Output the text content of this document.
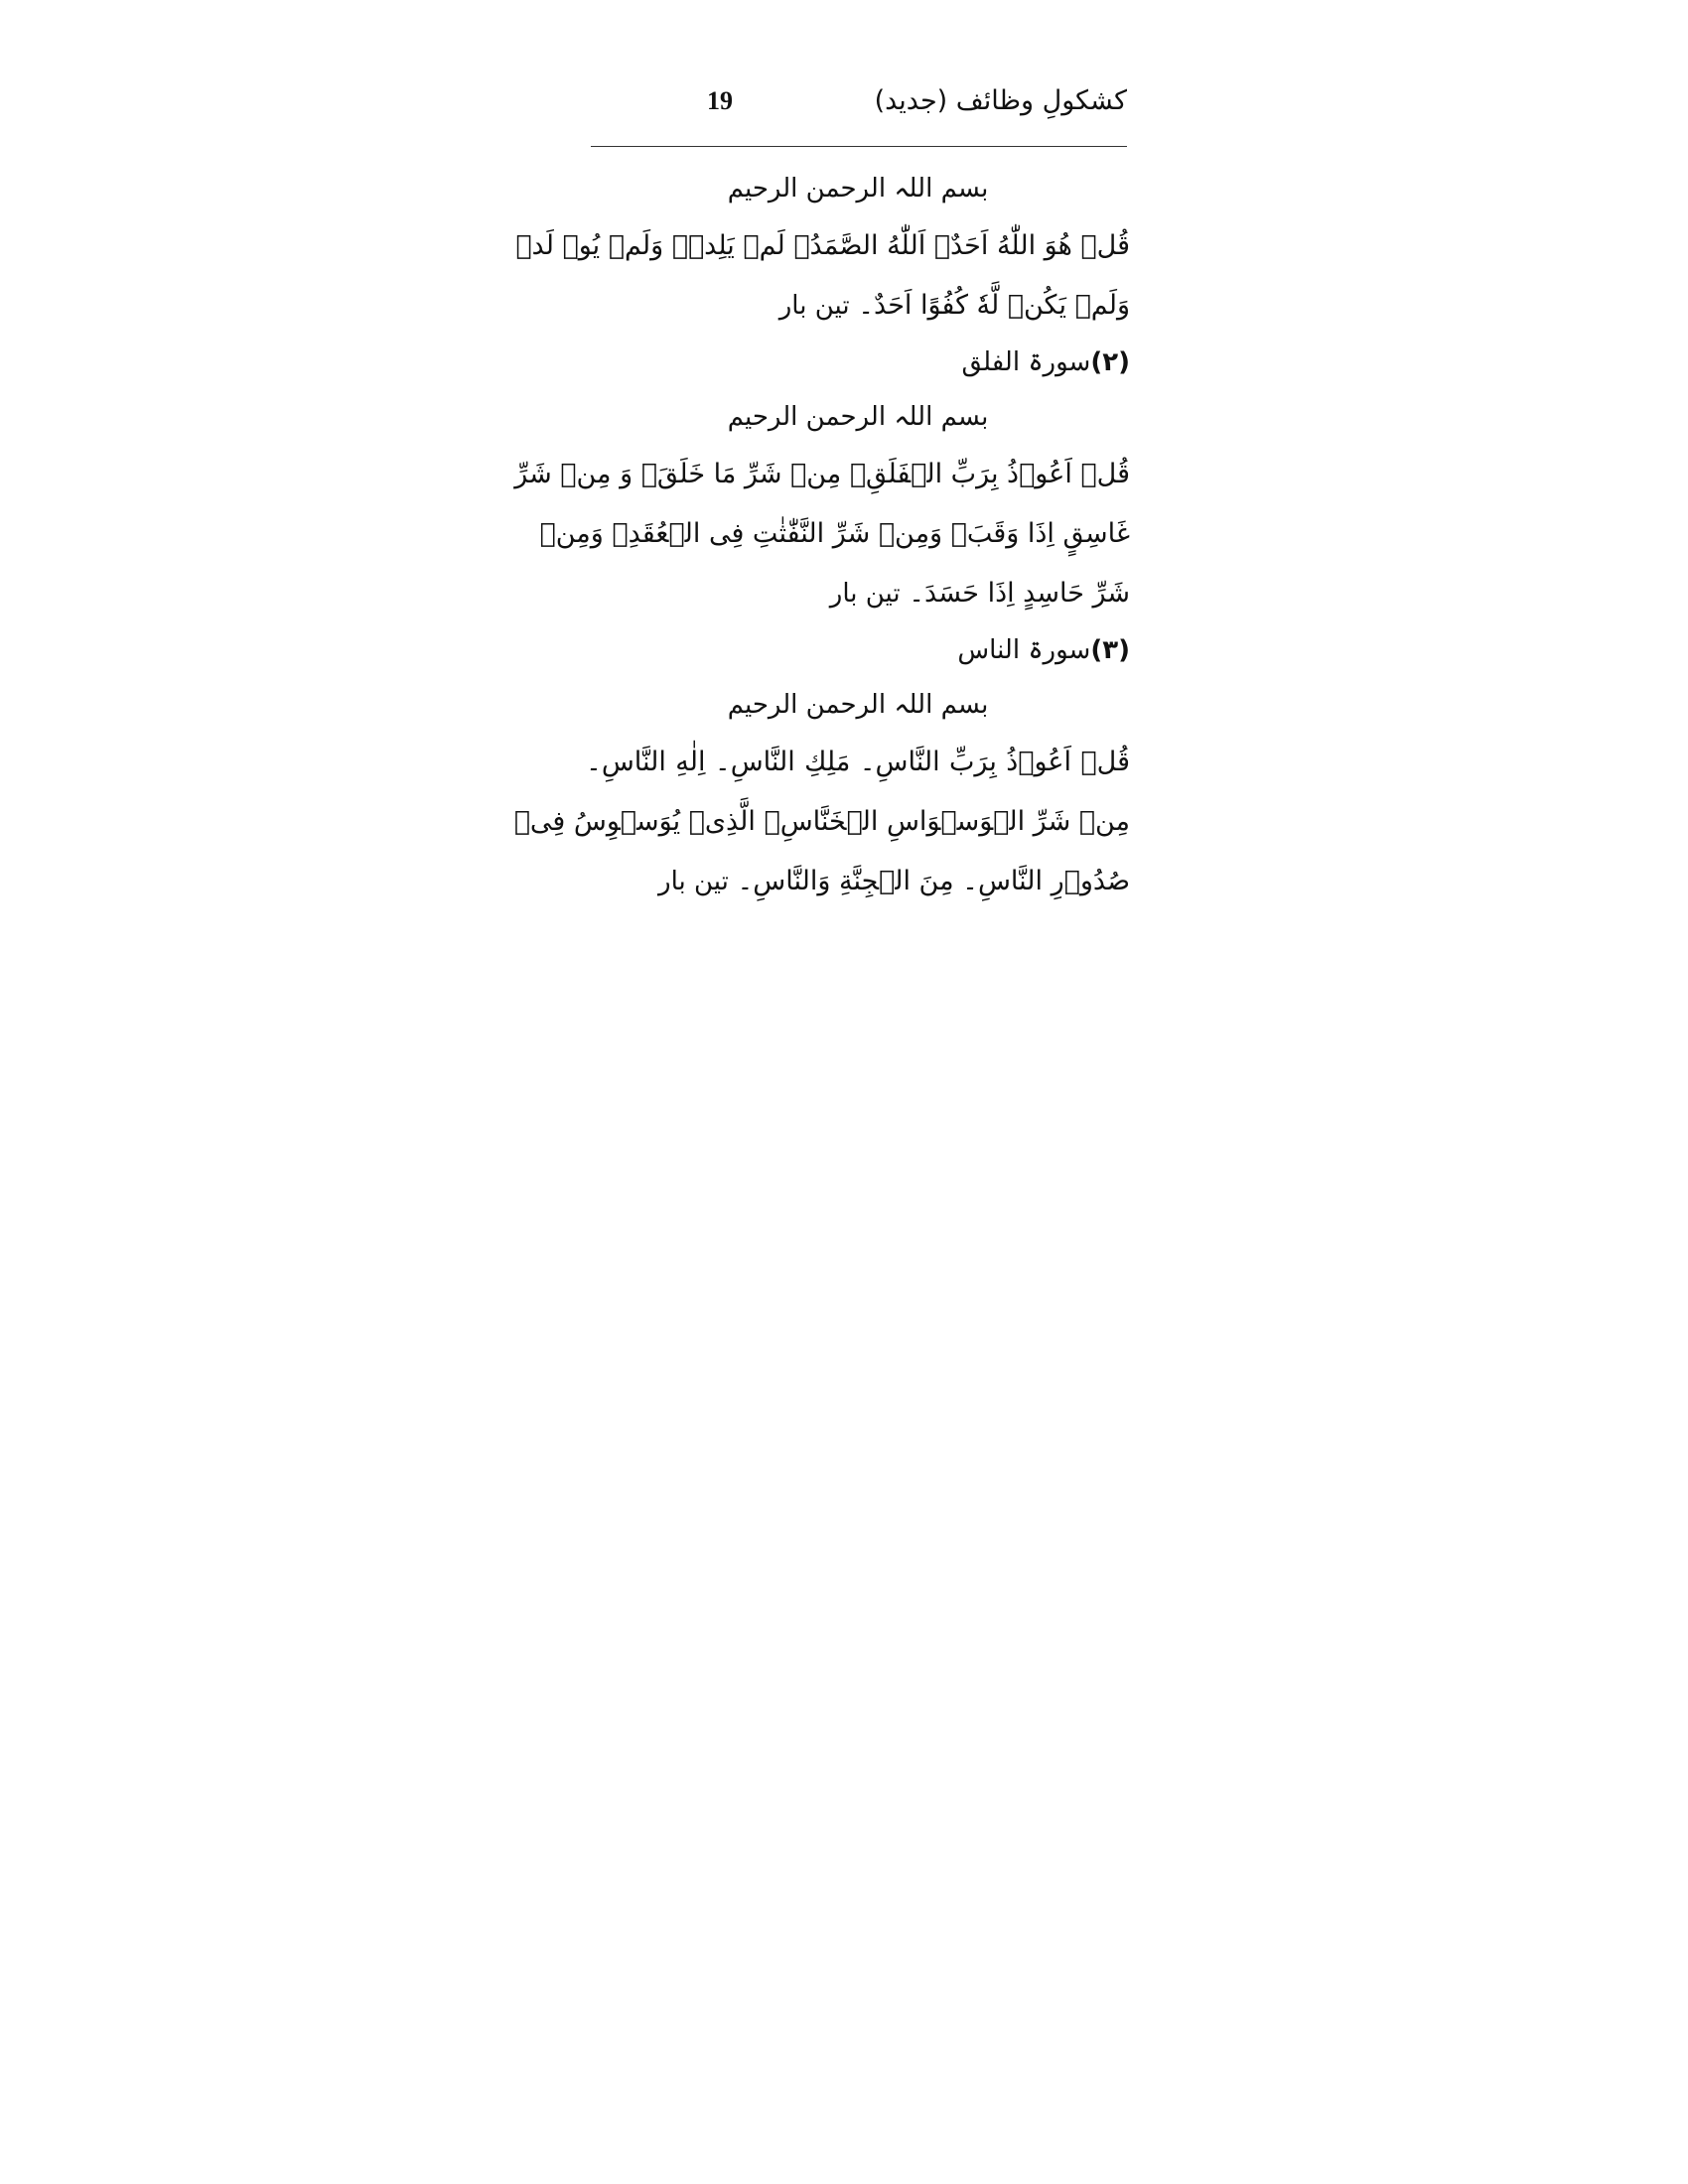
کشکولِ وظائف (جدید)
19
بسم اللہ الرحمن الرحیم
قُلۡ هُوَ اللّٰهُ اَحَدٌ۔ اَللّٰهُ الصَّمَدُ۔ لَمۡ يَلِدۡ۔ وَلَمۡ يُوۡ لَدۡ
وَلَمۡ يَكُنۡ لَّهٗ كُفُوًا اَحَدٌ۔ تین بار
(۲)سورۃ الفلق
بسم اللہ الرحمن الرحیم
قُلۡ اَعُوۡذُ بِرَبِّ الۡفَلَقِ۔ مِنۡ شَرِّ مَا خَلَقَ۔ وَ مِنۡ شَرِّ
غَاسِقٍ اِذَا وَقَبَ۔ وَمِنۡ شَرِّ النَّفّٰثٰتِ فِی الۡعُقَدِ۔ وَمِنۡ
شَرِّ حَاسِدٍ اِذَا حَسَدَ۔ تین بار
(۳)سورۃ الناس
بسم اللہ الرحمن الرحیم
قُلۡ اَعُوۡذُ بِرَبِّ النَّاسِ۔ مَلِكِ النَّاسِ۔ اِلٰهِ النَّاسِ۔
مِنۡ شَرِّ الۡوَسۡوَاسِ الۡخَنَّاسِ۔ الَّذِیۡ يُوَسۡوِسُ فِیۡ
صُدُوۡرِ النَّاسِ۔ مِنَ الۡجِنَّةِ وَالنَّاسِ۔ تین بار
